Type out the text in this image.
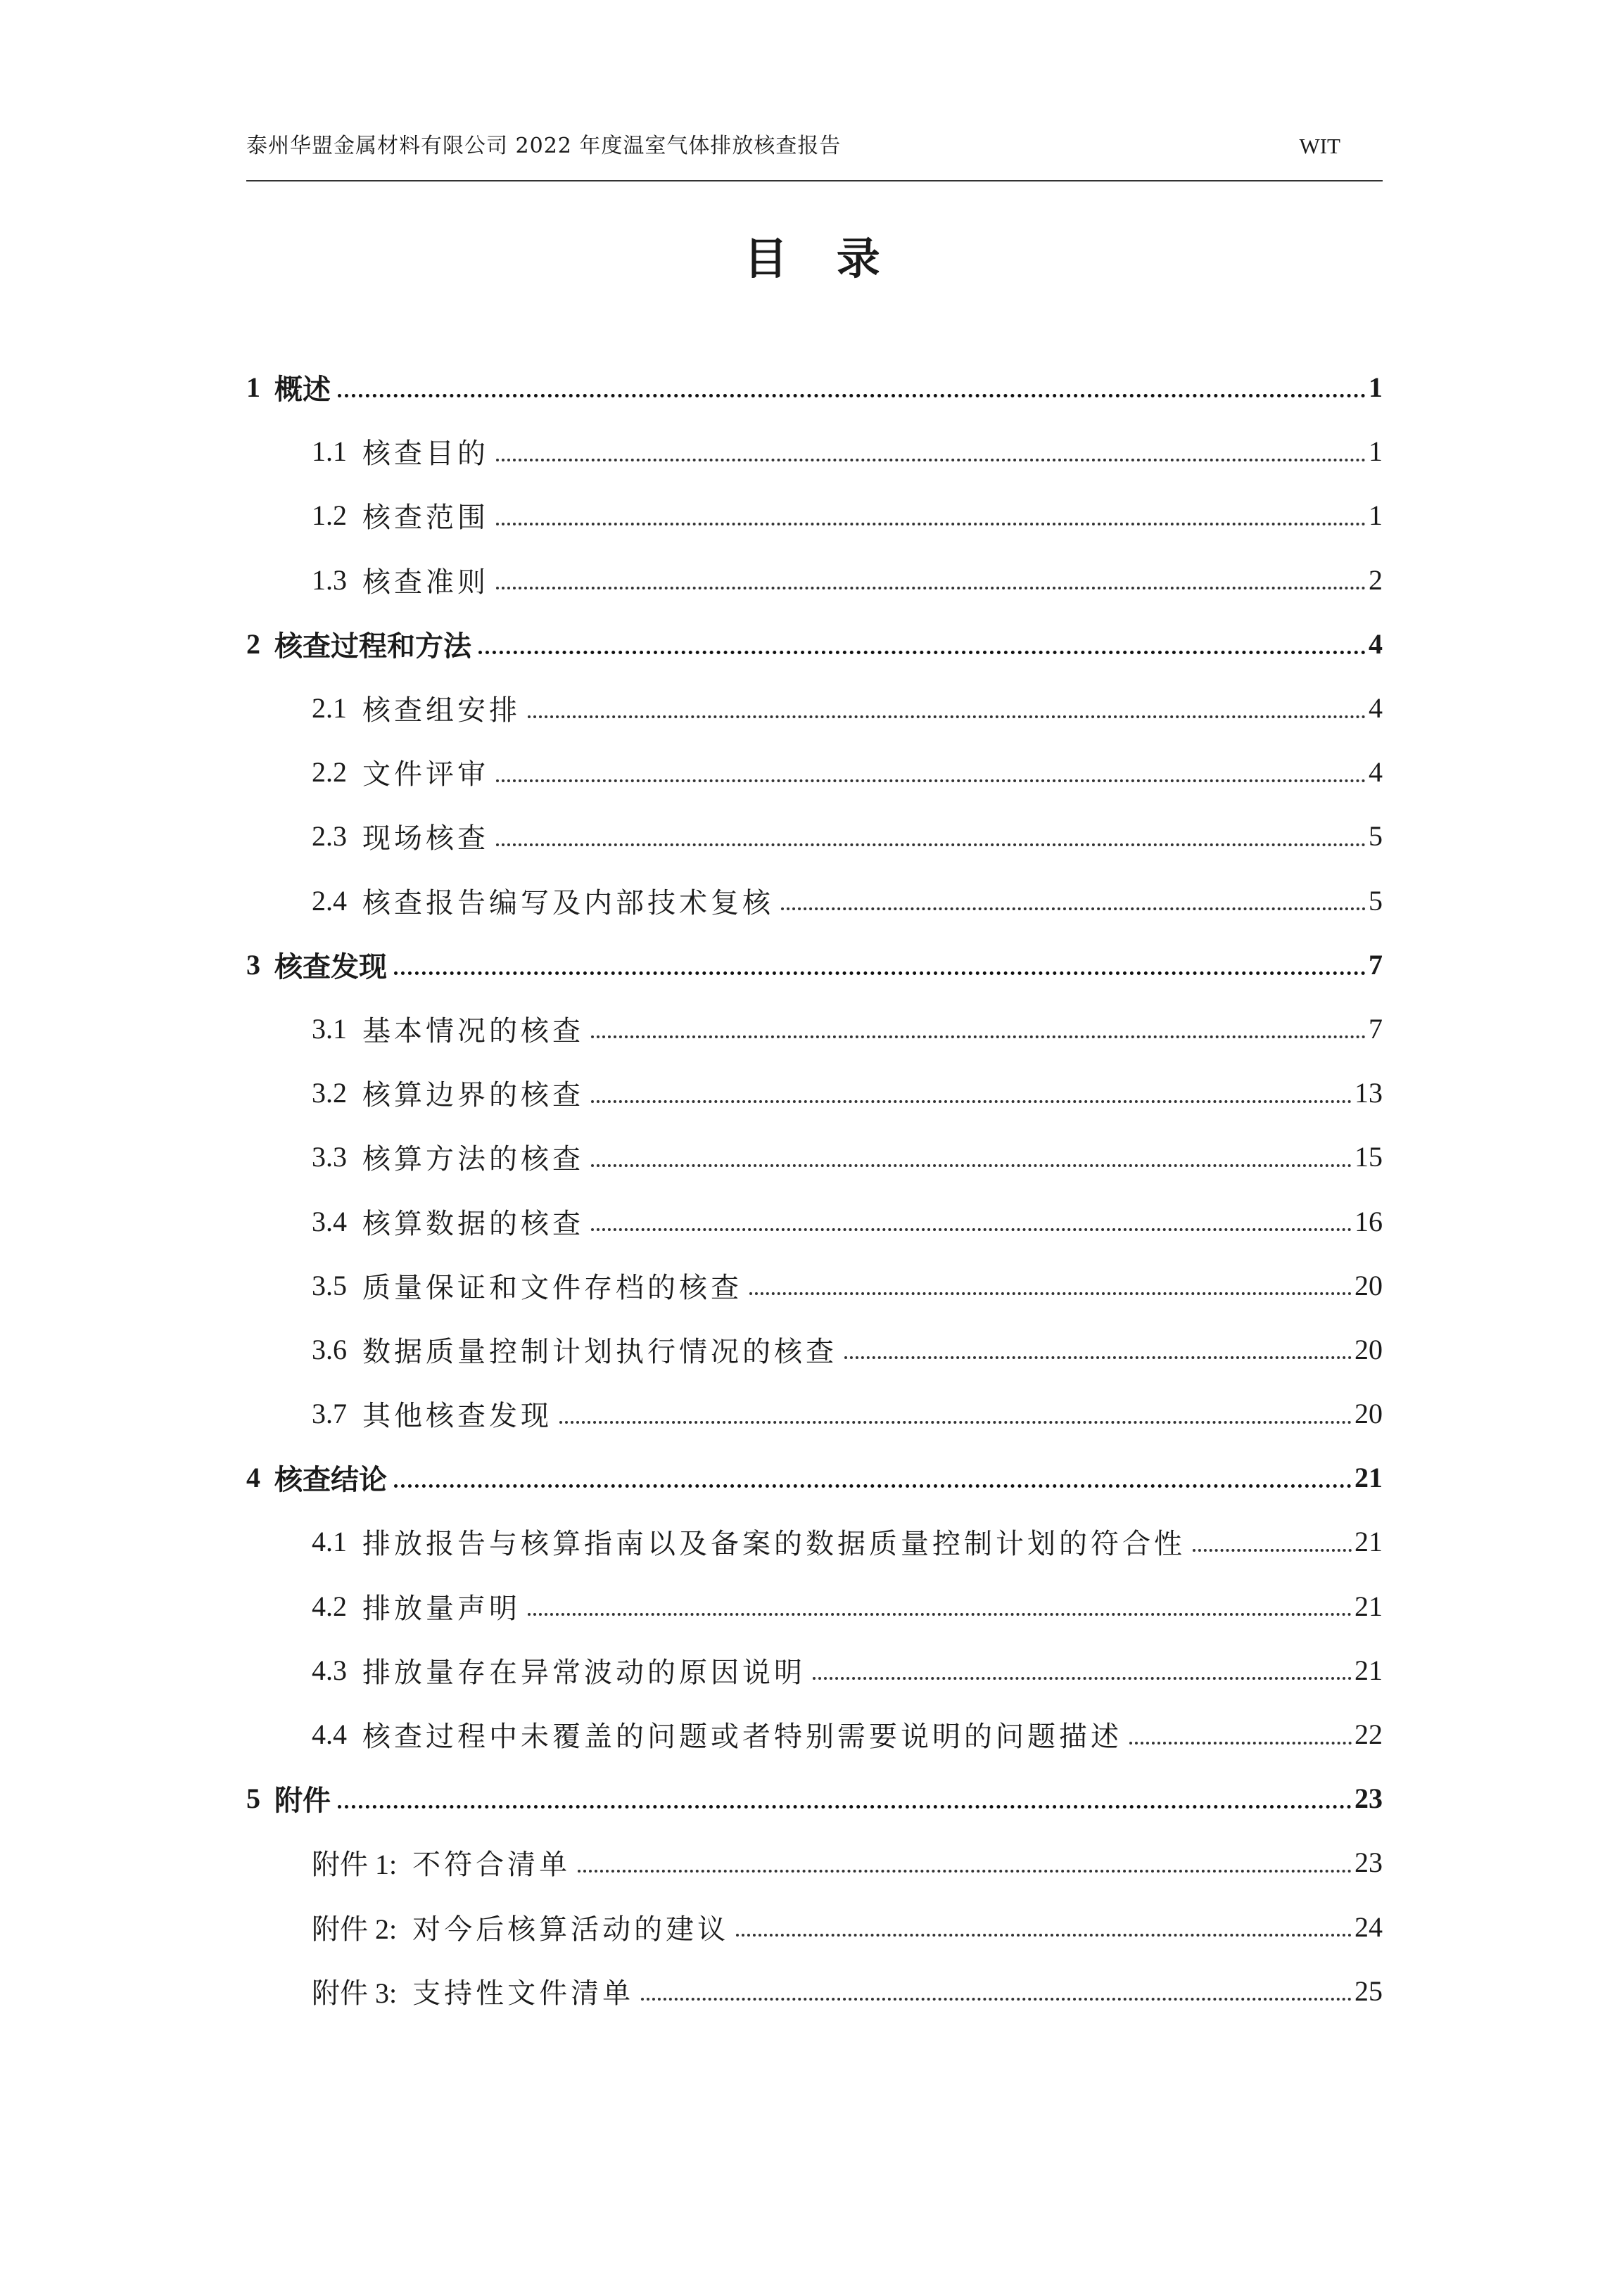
泰州华盟金属材料有限公司 2022 年度温室气体排放核查报告	WIT
目 录
1 概述	1
1.1 核查目的	1
1.2 核查范围	1
1.3 核查准则	2
2 核查过程和方法	4
2.1 核查组安排	4
2.2 文件评审	4
2.3 现场核查	5
2.4 核查报告编写及内部技术复核	5
3 核查发现	7
3.1 基本情况的核查	7
3.2 核算边界的核查	13
3.3 核算方法的核查	15
3.4 核算数据的核查	16
3.5 质量保证和文件存档的核查	20
3.6 数据质量控制计划执行情况的核查	20
3.7 其他核查发现	20
4 核查结论	21
4.1 排放报告与核算指南以及备案的数据质量控制计划的符合性	21
4.2 排放量声明	21
4.3 排放量存在异常波动的原因说明	21
4.4 核查过程中未覆盖的问题或者特别需要说明的问题描述	22
5 附件	23
附件 1: 不符合清单	23
附件 2: 对今后核算活动的建议	24
附件 3: 支持性文件清单	25
